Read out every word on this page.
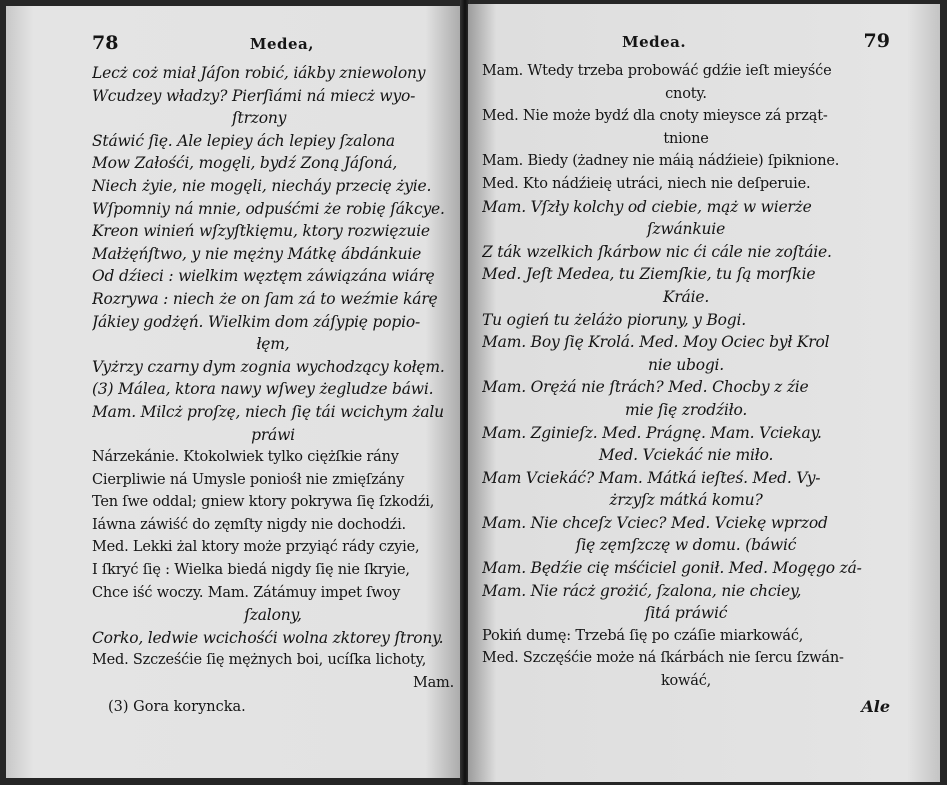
78	Medea,
Lecż coż miał Jáſon robić, iákby zniewolony
Wcudzey władzy? Pierſiámi ná miecż wyo-
ſtrzony
Stáwić ſię. Ale lepiey ách lepiey ſzalona
Mow Załośći, mogęli, bydź Zoną Jáſoná,
Niech żyie, nie mogęli, niecháy przecię żyie.
Wſpomniy ná mnie, odpuśćmi że robię ſákcye.
Kreon winień wſzyſtkięmu, ktory rozwięzuie
Małżęńſtwo, y nie mężny Mátkę ábdánkuie
Od dźieci : wielkim węztęm záwiązána wiárę
Rozrywa : niech że on ſam zá to weźmie kárę
Jákiey godżęń. Wielkim dom záſypię popio-
łęm,
Vyżrzy czarny dym zognia wychodzący kołęm.
(3) Málea, ktora nawy wſwey żegludze báwi.
Mam. Milcż proſzę, niech ſię tái wcichym żalu
práwi
Nárzekánie. Ktokolwiek tylko ciężſkie rány
Cierpliwie ná Umysle poniośł nie zmięſzány
Ten ſwe oddal; gniew ktory pokrywa ſię ſzkodźi,
Iáwna záwiść do zęmſty nigdy nie dochodźi.
Med. Lekki żal ktory może przyiąć rády czyie,
I ſkryć ſię : Wielka biedá nigdy ſię nie ſkryie,
Chce iść woczy. Mam. Zátámuy impet ſwoy
ſzalony,
Corko, ledwie wcichośći wolna zktorey ſtrony.
Med. Szcześćie ſię mężnych boi, ucíſka lichoty,
Mam.
(3) Gora koryncka.
Medea.	79
Mam. Wtedy trzeba probowáć gdźie ieſt mieyśće
cnoty.
Med. Nie może bydź dla cnoty mieysce zá prząt-
tnione
Mam. Biedy (żadney nie máią nádźieie) ſpiknione.
Med. Kto nádźieię utráci, niech nie deſperuie.
Mam. Vſzły kolchy od ciebie, mąż w wierże
ſzwánkuie
Z ták wzelkich ſkárbow nic ći cále nie zoſtáie.
Med. Jeſt Medea, tu Ziemſkie, tu ſą morſkie
Kráie.
Tu ogień tu żeláżo pioruny, y Bogi.
Mam. Boy ſię Krolá. Med. Moy Ociec był Krol
nie ubogi.
Mam. Orężá nie ſtrách? Med. Chocby z źie
mie ſię zrodźiło.
Mam. Zginieſz. Med. Prágnę. Mam. Vciekay.
Med. Vciekáć nie miło.
Mam Vciekáć? Mam. Mátká ieſteś. Med. Vy-
żrzyſz mátká komu?
Mam. Nie chceſz Vciec? Med. Vciekę wprzod
ſię zęmſzczę w domu. (báwić
Mam. Będźie cię mśćiciel gonił. Med. Mogęgo zá-
Mam. Nie rácż grożić, ſzalona, nie chciey,
ſitá práwić
Pokiń dumę: Trzebá ſię po czáſie miarkowáć,
Med. Szczęśćie może ná ſkárbách nie ſercu ſzwán-
kowáć,
Ale
